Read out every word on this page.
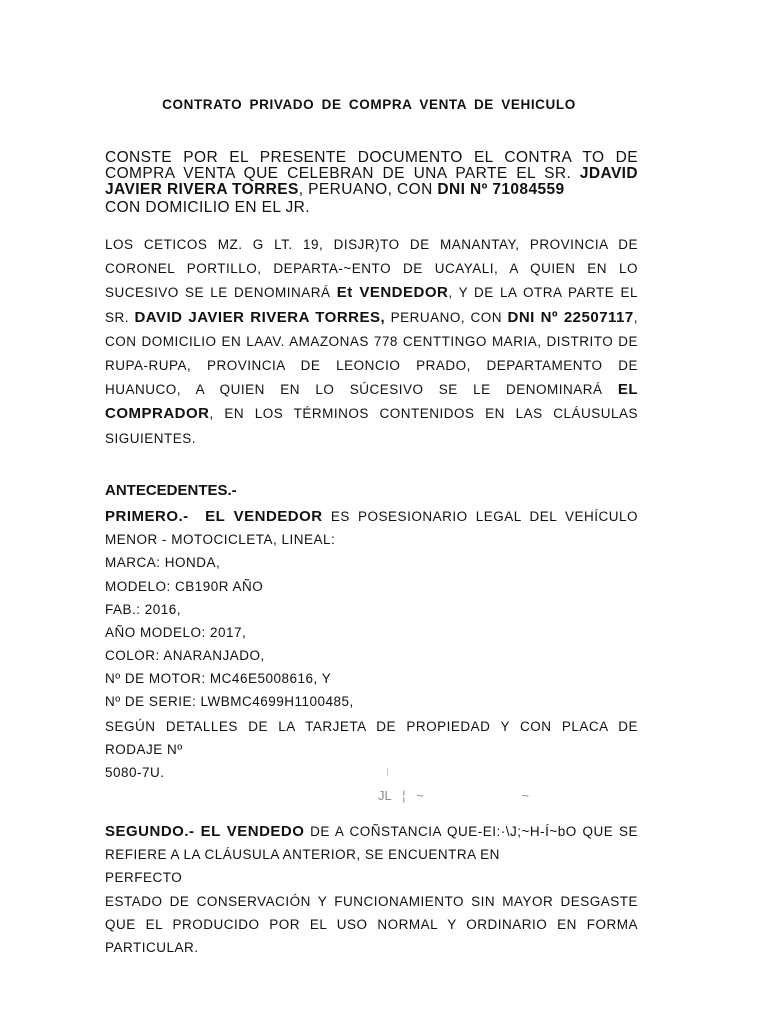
CONTRATO PRIVADO DE COMPRA VENTA DE VEHICULO

CONSTE POR EL PRESENTE DOCUMENTO EL CONTRA TO DE COMPRA VENTA QUE CELEBRAN DE UNA PARTE EL SR. JDAVID JAVIER RIVERA TORRES, PERUANO, CON DNI Nº 71084559
CON DOMICILIO EN EL JR.

LOS CETICOS MZ. G LT. 19, DISJR)TO DE MANANTAY, PROVINCIA DE CORONEL PORTILLO, DEPARTA-~ENTO DE UCAYALI, A QUIEN EN LO SUCESIVO SE LE DENOMINARÁ Et VENDEDOR, Y DE LA OTRA PARTE EL SR. DAVID JAVIER RIVERA TORRES, PERUANO, CON DNI Nº 22507117, CON DOMICILIO EN LAAV. AMAZONAS 778 CENTTINGO MARIA, DISTRITO DE RUPA-RUPA, PROVINCIA DE LEONCIO PRADO, DEPARTAMENTO DE HUANUCO, A QUIEN EN LO SÚCESIVO SE LE DENOMINARÁ EL COMPRADOR, EN LOS TÉRMINOS CONTENIDOS EN LAS CLÁUSULAS SIGUIENTES.

ANTECEDENTES.-

PRIMERO.- EL VENDEDOR ES POSESIONARIO LEGAL DEL VEHÍCULO MENOR - MOTOCICLETA, LINEAL:

MARCA: HONDA,
MODELO: CB190R AÑO
FAB.: 2016,
AÑO MODELO: 2017,
COLOR: ANARANJADO,
Nº DE MOTOR: MC46E5008616, Y
Nº DE SERIE: LWBMC4699H1100485,

SEGÚN DETALLES DE LA TARJETA DE PROPIEDAD Y CON PLACA DE RODAJE Nº

5080-7U.
JL   ¦   ~                           ~

SEGUNDO.- EL VENDEDO DE A COÑSTANCIA QUE-EI:·\J;~H-Í~bO QUE SE REFIERE A LA CLÁUSULA ANTERIOR, SE ENCUENTRA EN

PERFECTO

ESTADO DE CONSERVACIÓN Y FUNCIONAMIENTO SIN MAYOR DESGASTE QUE EL PRODUCIDO POR EL USO NORMAL Y ORDINARIO EN FORMA PARTICULAR.
